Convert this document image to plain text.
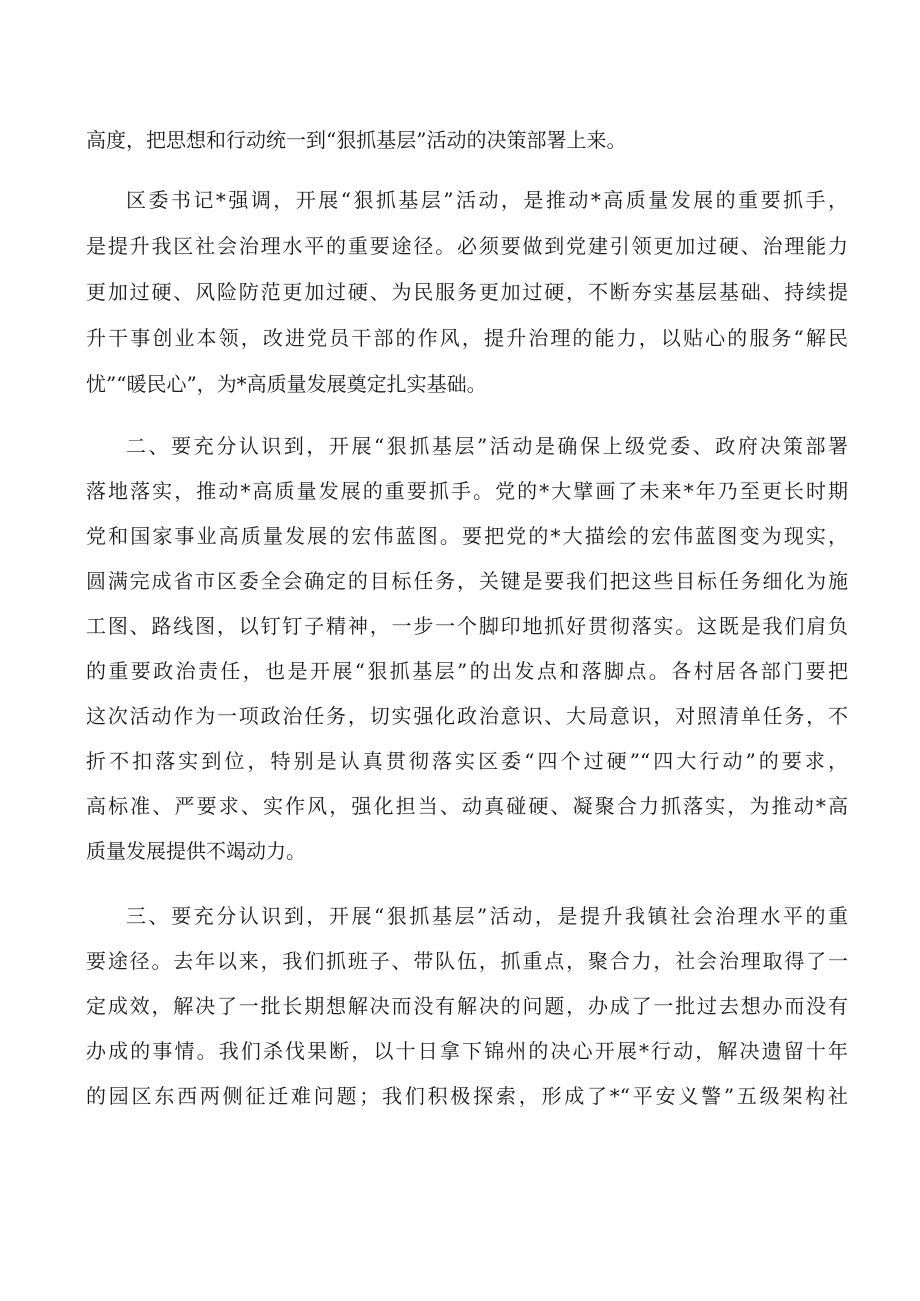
高度，把思想和行动统一到“狠抓基层”活动的决策部署上来。
区委书记*强调，开展“狠抓基层”活动，是推动*高质量发展的重要抓手，
是提升我区社会治理水平的重要途径。必须要做到党建引领更加过硬、治理能力
更加过硬、风险防范更加过硬、为民服务更加过硬，不断夯实基层基础、持续提
升干事创业本领，改进党员干部的作风，提升治理的能力，以贴心的服务“解民
忧”“暖民心”，为*高质量发展奠定扎实基础。
二、要充分认识到，开展“狠抓基层”活动是确保上级党委、政府决策部署
落地落实，推动*高质量发展的重要抓手。党的*大擘画了未来*年乃至更长时期
党和国家事业高质量发展的宏伟蓝图。要把党的*大描绘的宏伟蓝图变为现实，
圆满完成省市区委全会确定的目标任务，关键是要我们把这些目标任务细化为施
工图、路线图，以钉钉子精神，一步一个脚印地抓好贯彻落实。这既是我们肩负
的重要政治责任，也是开展“狠抓基层”的出发点和落脚点。各村居各部门要把
这次活动作为一项政治任务，切实强化政治意识、大局意识，对照清单任务，不
折不扣落实到位，特别是认真贯彻落实区委“四个过硬”“四大行动”的要求，
高标准、严要求、实作风，强化担当、动真碰硬、凝聚合力抓落实，为推动*高
质量发展提供不竭动力。
三、要充分认识到，开展“狠抓基层”活动，是提升我镇社会治理水平的重
要途径。去年以来，我们抓班子、带队伍，抓重点，聚合力，社会治理取得了一
定成效，解决了一批长期想解决而没有解决的问题，办成了一批过去想办而没有
办成的事情。我们杀伐果断，以十日拿下锦州的决心开展*行动，解决遗留十年
的园区东西两侧征迁难问题；我们积极探索，形成了*“平安义警”五级架构社
